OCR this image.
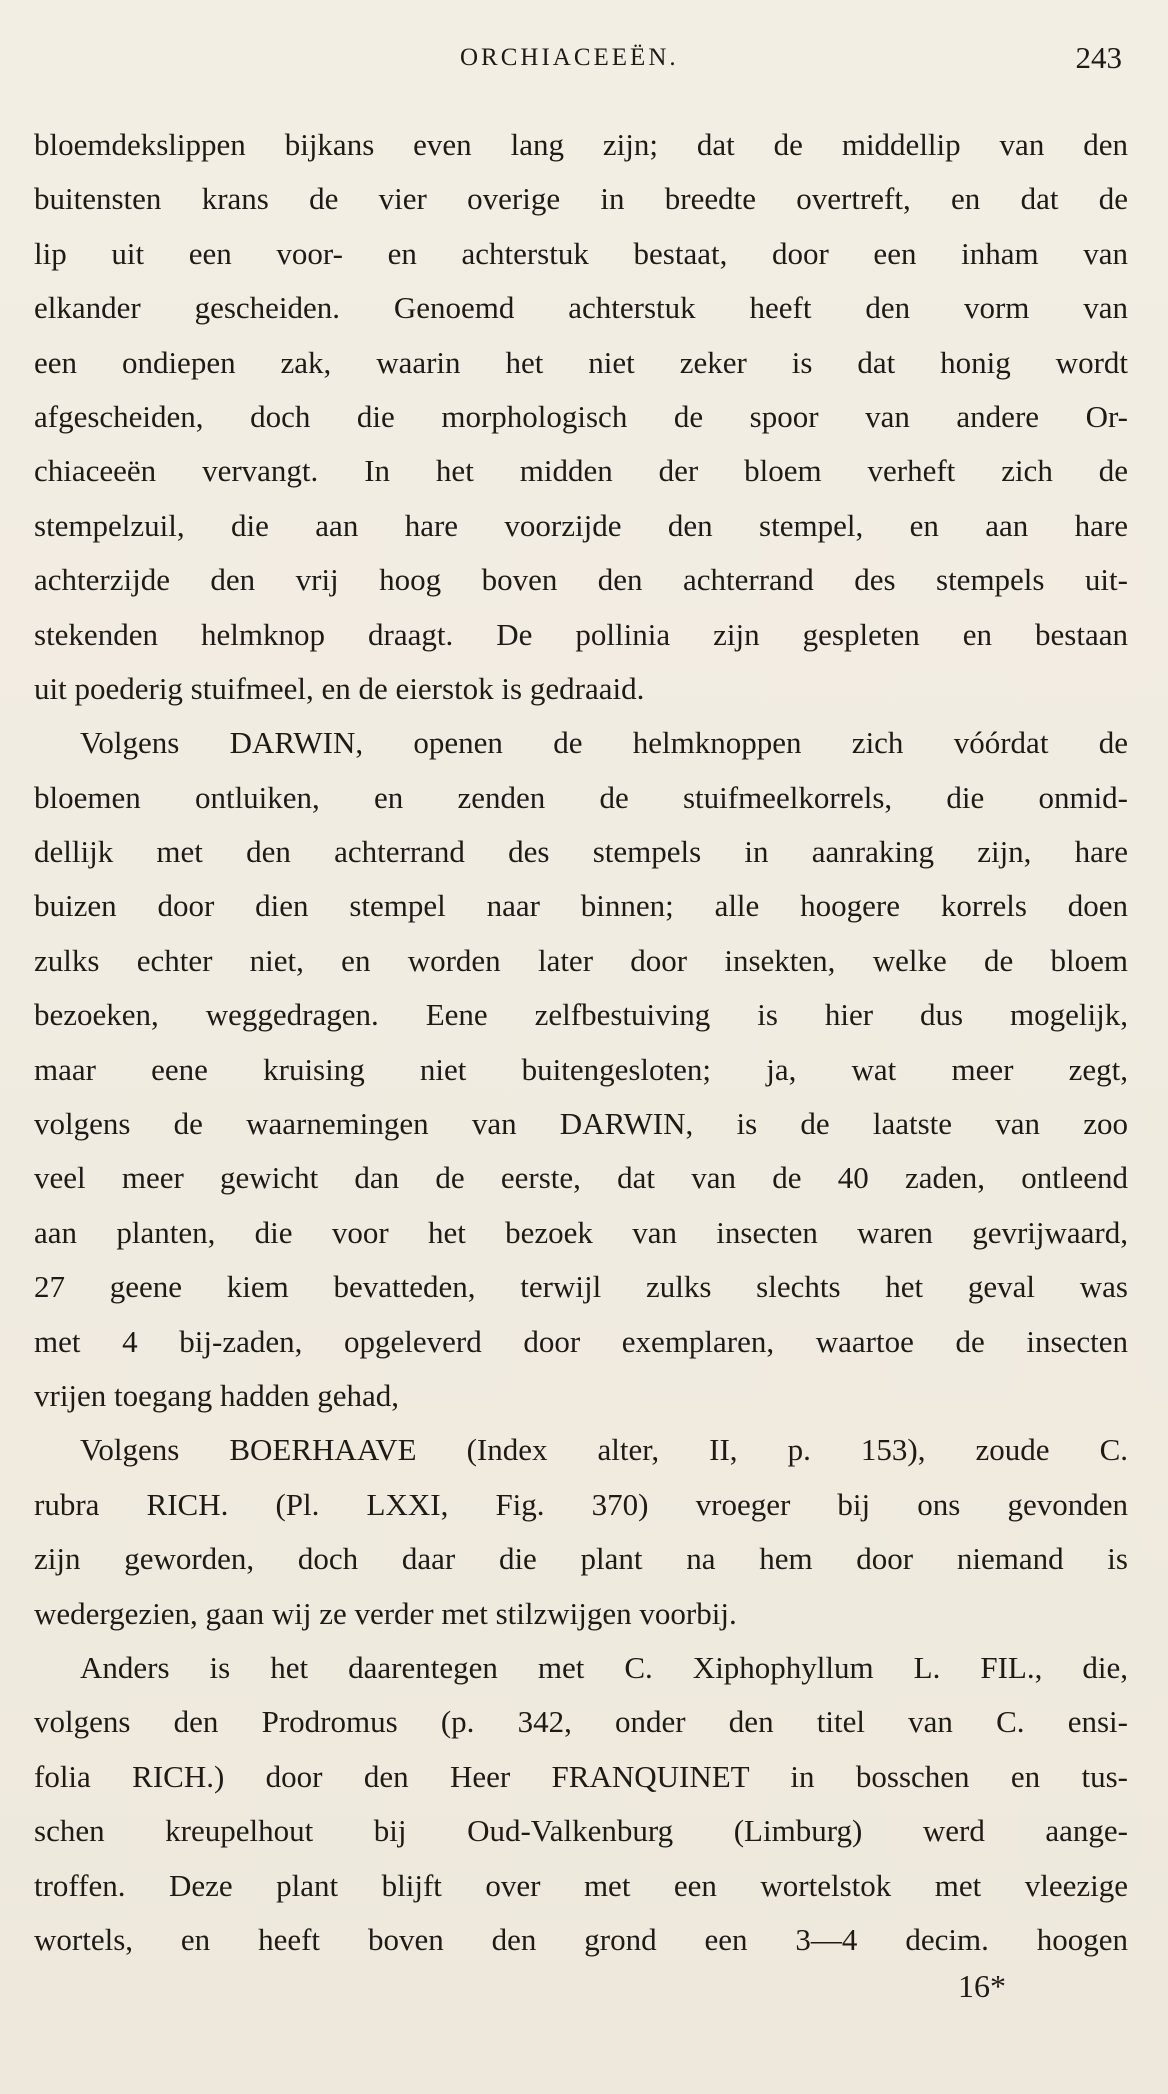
ORCHIACEEËN.	243
bloemdekslippen bijkans even lang zijn; dat de middellip van den
buitensten krans de vier overige in breedte overtreft, en dat de
lip uit een voor- en achterstuk bestaat, door een inham van
elkander gescheiden. Genoemd achterstuk heeft den vorm van
een ondiepen zak, waarin het niet zeker is dat honig wordt
afgescheiden, doch die morphologisch de spoor van andere Or-
chiaceeën vervangt. In het midden der bloem verheft zich de
stempelzuil, die aan hare voorzijde den stempel, en aan hare
achterzijde den vrij hoog boven den achterrand des stempels uit-
stekenden helmknop draagt. De pollinia zijn gespleten en bestaan
uit poederig stuifmeel, en de eierstok is gedraaid.
Volgens DARWIN, openen de helmknoppen zich vóórdat de
bloemen ontluiken, en zenden de stuifmeelkorrels, die onmid-
dellijk met den achterrand des stempels in aanraking zijn, hare
buizen door dien stempel naar binnen; alle hoogere korrels doen
zulks echter niet, en worden later door insekten, welke de bloem
bezoeken, weggedragen. Eene zelfbestuiving is hier dus mogelijk,
maar eene kruising niet buitengesloten; ja, wat meer zegt,
volgens de waarnemingen van DARWIN, is de laatste van zoo
veel meer gewicht dan de eerste, dat van de 40 zaden, ontleend
aan planten, die voor het bezoek van insecten waren gevrijwaard,
27 geene kiem bevatteden, terwijl zulks slechts het geval was
met 4 bij-zaden, opgeleverd door exemplaren, waartoe de insecten
vrijen toegang hadden gehad,
Volgens BOERHAAVE (Index alter, II, p. 153), zoude C.
rubra RICH. (Pl. LXXI, Fig. 370) vroeger bij ons gevonden
zijn geworden, doch daar die plant na hem door niemand is
wedergezien, gaan wij ze verder met stilzwijgen voorbij.
Anders is het daarentegen met C. Xiphophyllum L. FIL., die,
volgens den Prodromus (p. 342, onder den titel van C. ensi-
folia RICH.) door den Heer FRANQUINET in bosschen en tus-
schen kreupelhout bij Oud-Valkenburg (Limburg) werd aange-
troffen. Deze plant blijft over met een wortelstok met vleezige
wortels, en heeft boven den grond een 3—4 decim. hoogen
16*
